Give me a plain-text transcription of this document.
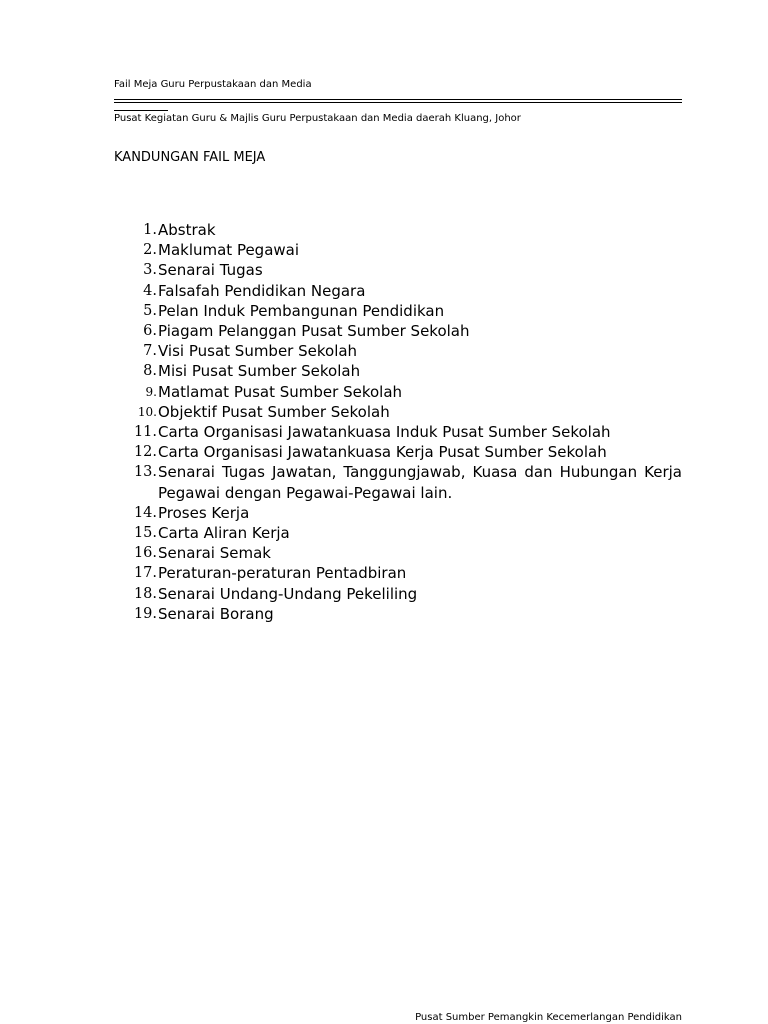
Fail Meja Guru Perpustakaan dan Media
Pusat Kegiatan Guru & Majlis Guru Perpustakaan dan Media daerah Kluang, Johor
KANDUNGAN FAIL MEJA
1. Abstrak
2. Maklumat Pegawai
3. Senarai Tugas
4. Falsafah Pendidikan Negara
5. Pelan Induk Pembangunan Pendidikan
6. Piagam Pelanggan Pusat Sumber Sekolah
7. Visi Pusat Sumber Sekolah
8. Misi Pusat Sumber Sekolah
9. Matlamat Pusat Sumber Sekolah
10. Objektif Pusat Sumber Sekolah
11. Carta Organisasi Jawatankuasa Induk Pusat Sumber Sekolah
12. Carta Organisasi Jawatankuasa Kerja Pusat Sumber Sekolah
13. Senarai Tugas Jawatan, Tanggungjawab, Kuasa dan Hubungan Kerja Pegawai dengan Pegawai-Pegawai lain.
14. Proses Kerja
15. Carta Aliran Kerja
16. Senarai Semak
17. Peraturan-peraturan Pentadbiran
18. Senarai Undang-Undang Pekeliling
19. Senarai Borang
Pusat Sumber Pemangkin Kecemerlangan Pendidikan
